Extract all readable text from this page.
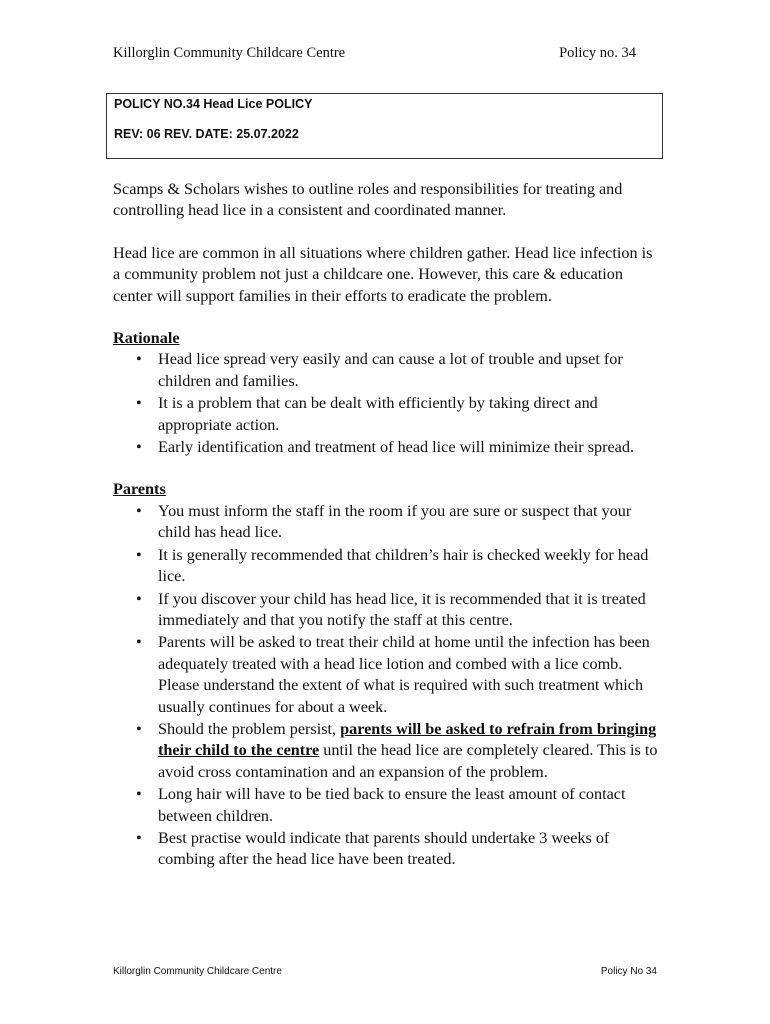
Killorglin Community Childcare Centre	Policy no. 34
POLICY NO.34 Head Lice POLICY
REV: 06 REV. DATE: 25.07.2022

Scamps & Scholars wishes to outline roles and responsibilities for treating and controlling head lice in a consistent and coordinated manner.

Head lice are common in all situations where children gather. Head lice infection is a community problem not just a childcare one. However, this care & education center will support families in their efforts to eradicate the problem.

Rationale
• Head lice spread very easily and can cause a lot of trouble and upset for children and families.
• It is a problem that can be dealt with efficiently by taking direct and appropriate action.
• Early identification and treatment of head lice will minimize their spread.
Parents
• You must inform the staff in the room if you are sure or suspect that your child has head lice.
• It is generally recommended that children’s hair is checked weekly for head lice.
• If you discover your child has head lice, it is recommended that it is treated immediately and that you notify the staff at this centre.
• Parents will be asked to treat their child at home until the infection has been adequately treated with a head lice lotion and combed with a lice comb. Please understand the extent of what is required with such treatment which usually continues for about a week.
• Should the problem persist, parents will be asked to refrain from bringing their child to the centre until the head lice are completely cleared. This is to avoid cross contamination and an expansion of the problem.
• Long hair will have to be tied back to ensure the least amount of contact between children.
• Best practise would indicate that parents should undertake 3 weeks of combing after the head lice have been treated.
Killorglin Community Childcare Centre	Policy No 34
